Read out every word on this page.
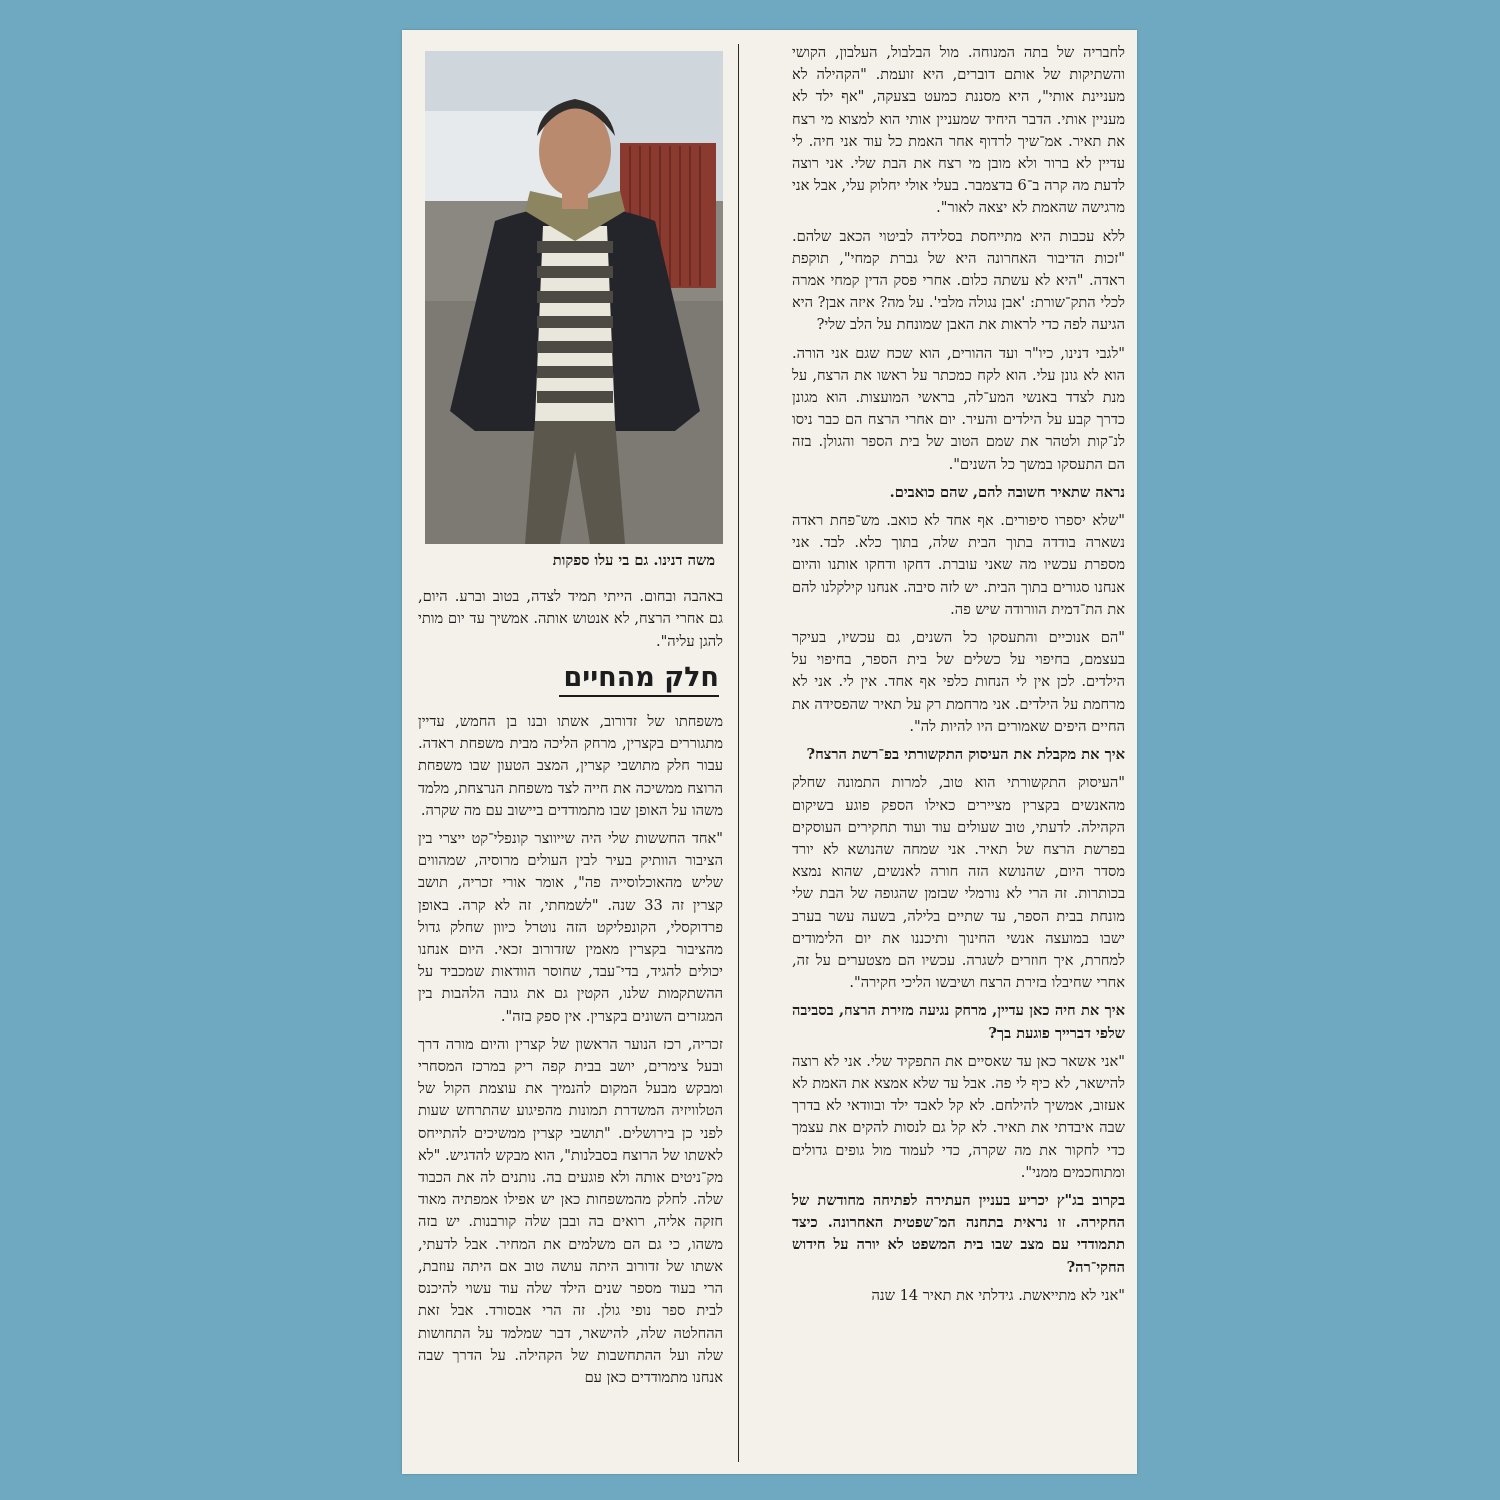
לחבריה של בתה המנוחה. מול הבלבול, העלבון, הקושי והשתיקות של אותם דוברים, היא זועמת. "הקהילה לא מעניינת אותי", היא מסננת כמעט בצעקה, "אף ילד לא מעניין אותי. הדבר היחיד שמעניין אותי הוא למצוא מי רצח את תאיר. אמ־שיך לרדוף אחר האמת כל עוד אני חיה. לי עדיין לא ברור ולא מובן מי רצח את הבת שלי. אני רוצה לדעת מה קרה ב־6 בדצמבר. בעלי אולי יחלוק עלי, אבל אני מרגישה שהאמת לא יצאה לאור".

ללא עכבות היא מתייחסת בסלידה לביטוי הכאב שלהם. "זכות הדיבור האחרונה היא של גברת קמחי", תוקפת ראדה. "היא לא עשתה כלום. אחרי פסק הדין קמחי אמרה לכלי התק־שורת: 'אבן נגולה מלבי'. על מה? איזה אבן? היא הגיעה לפה כדי לראות את האבן שמונחת על הלב שלי?

"לגבי דנינו, כיו"ר ועד ההורים, הוא שכח שגם אני הורה. הוא לא גונן עלי. הוא לקח כמכתר על ראשו את הרצח, על מנת לצדד באנשי המע־לה, בראשי המועצות. הוא מגונן כדרך קבע על הילדים והעיר. יום אחרי הרצח הם כבר ניסו לנ־קות ולטהר את שמם הטוב של בית הספר והגולן. בזה הם התעסקו במשך כל השנים".

נראה שתאיר חשובה להם, שהם כואבים.

"שלא יספרו סיפורים. אף אחד לא כואב. מש־פחת ראדה נשארה בודדה בתוך הבית שלה, בתוך כלא. לבד. אני מספרת עכשיו מה שאני עוברת. דחקו ודחקו אותנו והיום אנחנו סגורים בתוך הבית. יש לזה סיבה. אנחנו קילקלנו להם את הת־דמית הוורודה שיש פה.

"הם אנוכיים והתעסקו כל השנים, גם עכשיו, בעיקר בעצמם, בחיפוי על כשלים של בית הספר, בחיפוי על הילדים. לכן אין לי הנחות כלפי אף אחד. אין לי. אני לא מרחמת על הילדים. אני מרחמת רק על תאיר שהפסידה את החיים היפים שאמורים היו להיות לה".

איך את מקבלת את העיסוק התקשורתי בפ־רשת הרצח?

"העיסוק התקשורתי הוא טוב, למרות התמונה שחלק מהאנשים בקצרין מציירים כאילו הספק פוגע בשיקום הקהילה. לדעתי, טוב שעולים עוד ועוד תחקירים העוסקים בפרשת הרצח של תאיר. אני שמחה שהנושא לא יורד מסדר היום, שהנושא הזה חורה לאנשים, שהוא נמצא בכותרות. זה הרי לא נורמלי שבזמן שהגופה של הבת שלי מונחת בבית הספר, עד שתיים בלילה, בשעה עשר בערב ישבו במועצה אנשי החינוך ותיכננו את יום הלימודים למחרת, איך חוזרים לשגרה. עכשיו הם מצטערים על זה, אחרי שחיבלו בזירת הרצח ושיבשו הליכי חקירה".

איך את חיה כאן עדיין, מרחק נגיעה מזירת הרצח, בסביבה שלפי דברייך פוגעת בך?

"אני אשאר כאן עד שאסיים את התפקיד שלי. אני לא רוצה להישאר, לא כיף לי פה. אבל עד שלא אמצא את האמת לא אעזוב, אמשיך להילחם. לא קל לאבד ילד ובוודאי לא בדרך שבה איבדתי את תאיר. לא קל גם לנסות להקים את עצמך כדי לחקור את מה שקרה, כדי לעמוד מול גופים גדולים ומתוחכמים ממני".

בקרוב בג"ץ יכריע בעניין העתירה לפתיחה מחודשת של החקירה. זו נראית בתחנה המ־שפטית האחרונה. כיצד תתמודדי עם מצב שבו בית המשפט לא יורה על חידוש החקי־רה?

"אני לא מתייאשת. גידלתי את תאיר 14 שנה

משה דנינו. גם בי עלו ספקות

באהבה ובחום. הייתי תמיד לצדה, בטוב וברע. היום, גם אחרי הרצח, לא אנטוש אותה. אמשיך עד יום מותי להגן עליה".

חלק מהחיים

משפחתו של זדורוב, אשתו ובנו בן החמש, עדיין מתגוררים בקצרין, מרחק הליכה מבית משפחת ראדה. עבור חלק מתושבי קצרין, המצב הטעון שבו משפחת הרוצח ממשיכה את חייה לצד משפחת הנרצחת, מלמד משהו על האופן שבו מתמודדים ביישוב עם מה שקרה.

"אחד החששות שלי היה שייווצר קונפלי־קט ייצרי בין הציבור הוותיק בעיר לבין העולים מרוסיה, שמהווים שליש מהאוכלוסייה פה", אומר אורי זכריה, תושב קצרין זה 33 שנה. "לשמחתי, זה לא קרה. באופן פרדוקסלי, הקונפליקט הזה נוטרל כיוון שחלק גדול מהציבור בקצרין מאמין שזדורוב זכאי. היום אנחנו יכולים להגיד, בדי־עבד, שחוסר הוודאות שמכביד על ההשתקמות שלנו, הקטין גם את גובה הלהבות בין המגזרים השונים בקצרין. אין ספק בזה".

זכריה, רכז הנוער הראשון של קצרין והיום מורה דרך ובעל צימרים, יושב בבית קפה ריק במרכז המסחרי ומבקש מבעל המקום להנמיך את עוצמת הקול של הטלוויזיה המשדרת תמונות מהפיגוע שהתרחש שעות לפני כן בירושלים. "תושבי קצרין ממשיכים להתייחס לאשתו של הרוצח בסבלנות", הוא מבקש להדגיש. "לא מק־ניטים אותה ולא פוגעים בה. נותנים לה את הכבוד שלה. לחלק מהמשפחות כאן יש אפילו אמפתיה מאוד חזקה אליה, רואים בה ובבן שלה קורבנות. יש בזה משהו, כי גם הם משלמים את המחיר. אבל לדעתי, אשתו של זדורוב היתה עושה טוב אם היתה עוזבת, הרי בעוד מספר שנים הילד שלה עוד עשוי להיכנס לבית ספר נופי גולן. זה הרי אבסורד. אבל זאת ההחלטה שלה, להישאר, דבר שמלמד על התחושות שלה ועל ההתחשבות של הקהילה. על הדרך שבה אנחנו מתמודדים כאן עם
